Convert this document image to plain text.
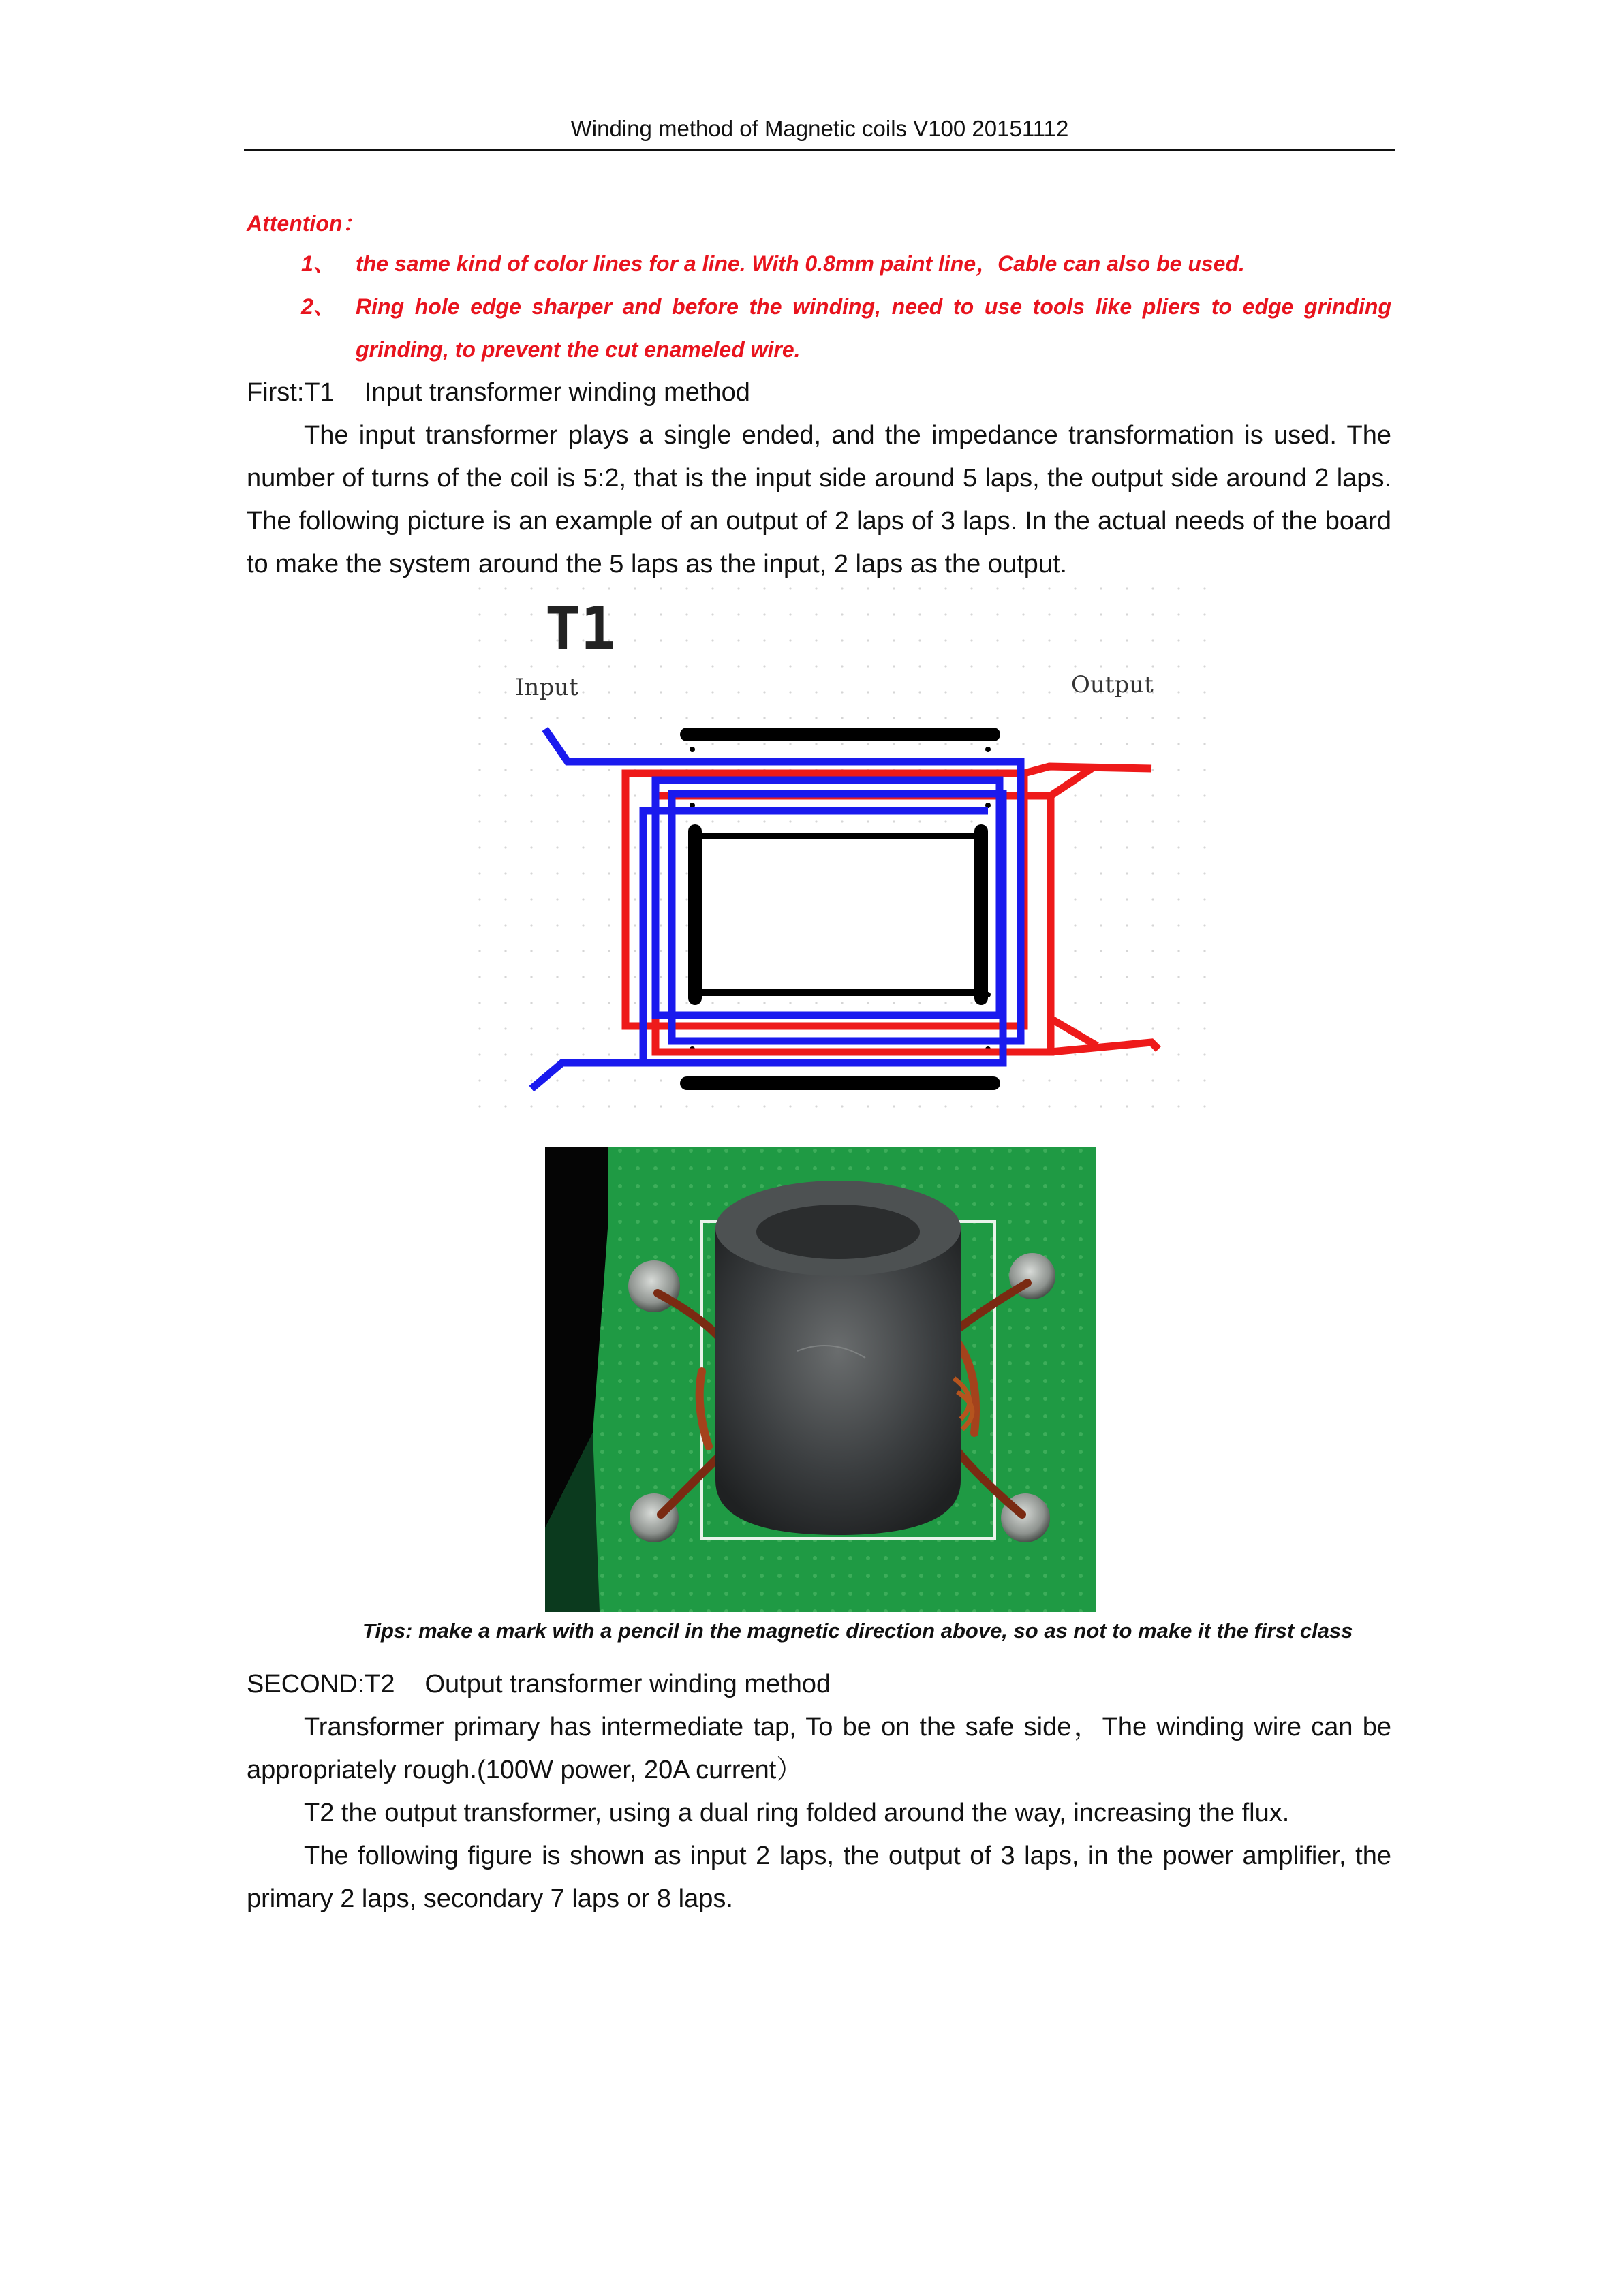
Winding method of Magnetic coils V100 20151112
Attention：
1、 the same kind of color lines for a line. With 0.8mm paint line，Cable can also be used.
2、 Ring hole edge sharper and before the winding, need to use tools like pliers to edge grinding grinding, to prevent the cut enameled wire.
First:T1 Input transformer winding method

The input transformer plays a single ended, and the impedance transformation is used. The number of turns of the coil is 5:2, that is the input side around 5 laps, the output side around 2 laps. The following picture is an example of an output of 2 laps of 3 laps. In the actual needs of the board to make the system around the 5 laps as the input, 2 laps as the output.

T1
Input	Output
Tips: make a mark with a pencil in the magnetic direction above, so as not to make it the first class
SECOND:T2 Output transformer winding method

Transformer primary has intermediate tap, To be on the safe side，The winding wire can be appropriately rough.(100W power, 20A current）

T2 the output transformer, using a dual ring folded around the way, increasing the flux.

The following figure is shown as input 2 laps, the output of 3 laps, in the power amplifier, the primary 2 laps, secondary 7 laps or 8 laps.
